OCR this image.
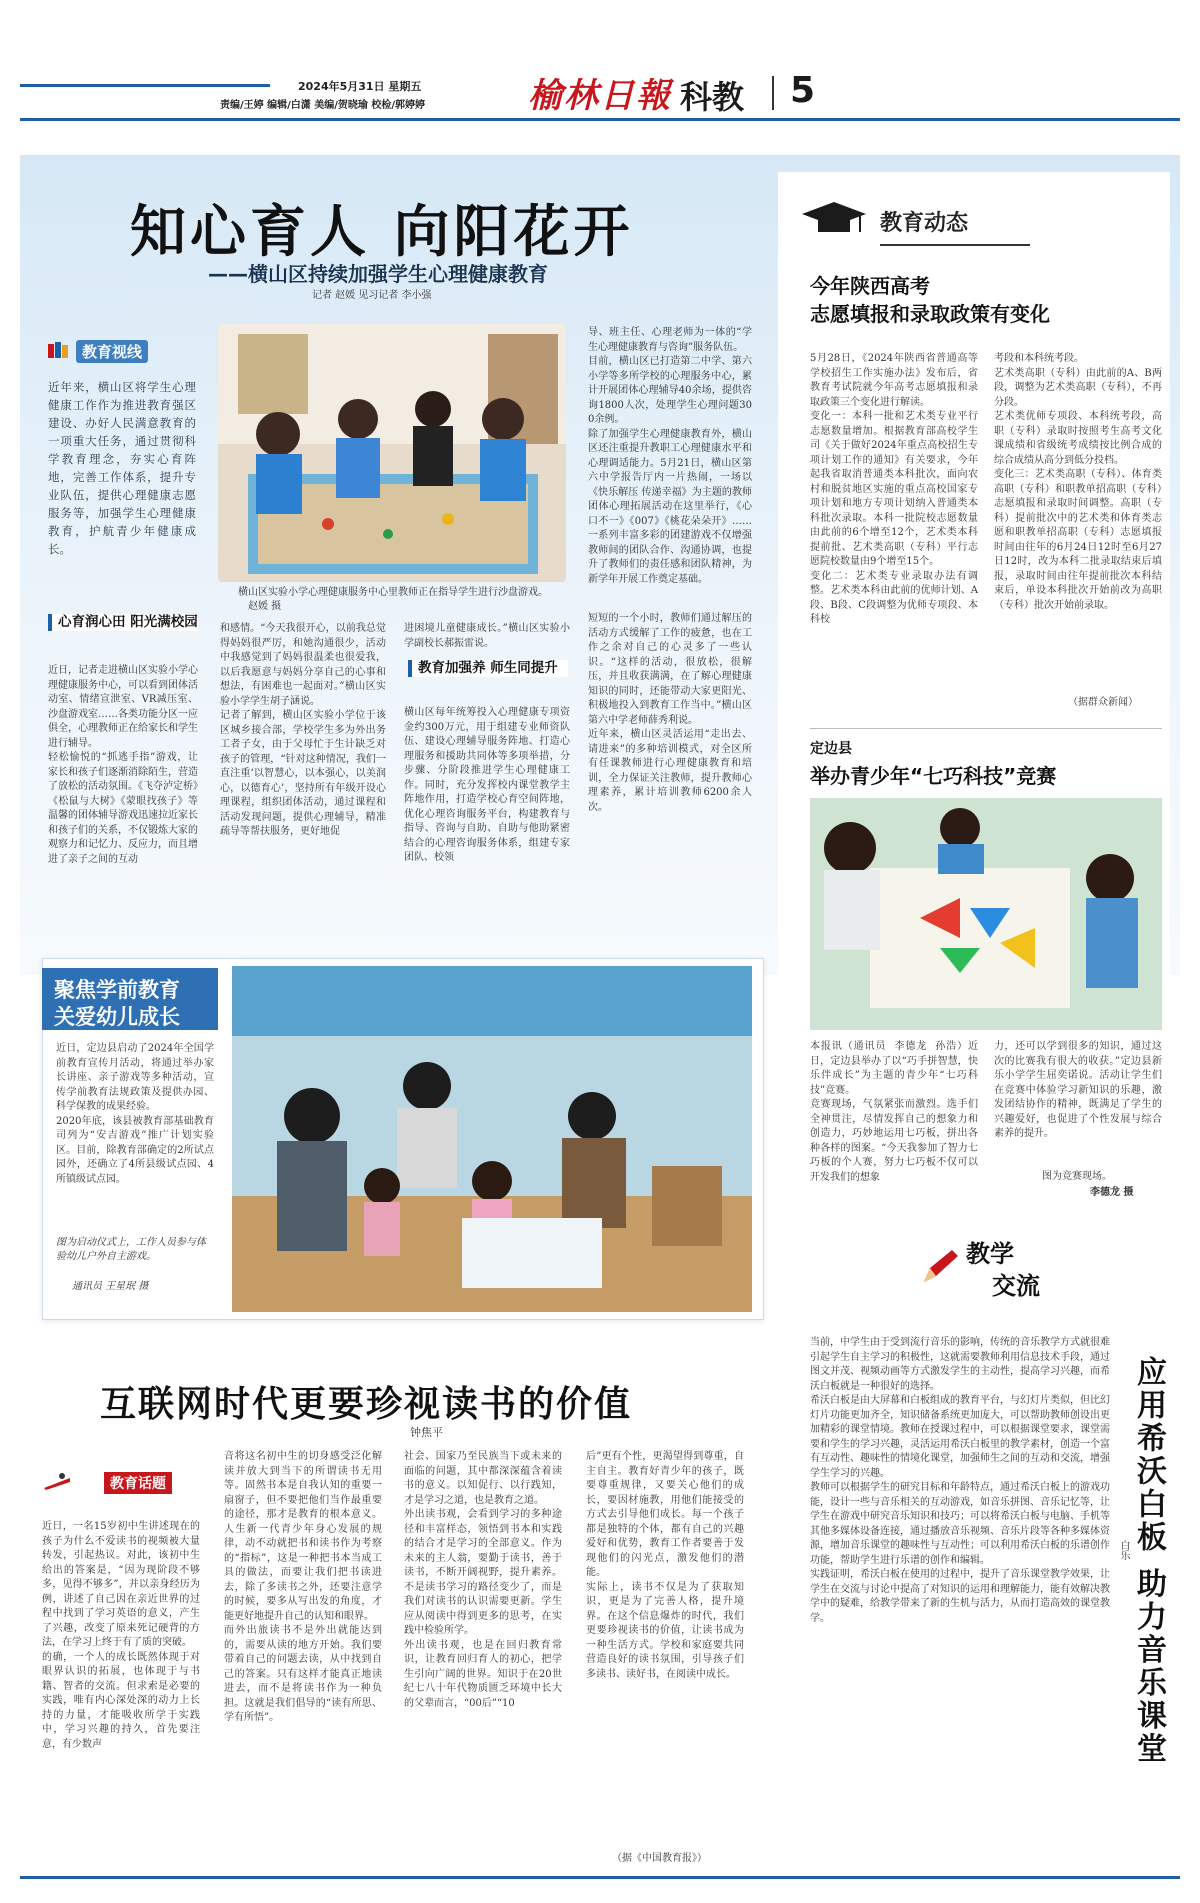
2024年5月31日 星期五
责编/王婷 编辑/白潇 美编/贺晓瑜 校检/郭婷婷	榆林日報 科教 5
知心育人 向阳花开
——横山区持续加强学生心理健康教育
记者 赵媛 见习记者 李小强
教育视线
近年来，横山区将学生心理健康工作作为推进教育强区建设、办好人民满意教育的一项重大任务，通过贯彻科学教育理念，夯实心育阵地，完善工作体系，提升专业队伍，提供心理健康志愿服务等，加强学生心理健康教育，护航青少年健康成长。
横山区实验小学心理健康服务中心里教师正在指导学生进行沙盘游戏。 赵媛 摄
心育润心田 阳光满校园
近日，记者走进横山区实验小学心理健康服务中心，可以看到团体活动室、情绪宣泄室、VR减压室、沙盘游戏室……各类功能分区一应俱全，心理教师正在给家长和学生进行辅导。
轻松愉悦的“抓逃手指”游戏，让家长和孩子们逐渐消除陌生，营造了放松的活动氛围。《飞夺泸定桥》《松鼠与大树》《蒙眼找孩子》等温馨的团体辅导游戏迅速拉近家长和孩子们的关系，不仅锻炼大家的观察力和记忆力、反应力，而且增进了亲子之间的互动
和感情。“今天我很开心，以前我总觉得妈妈很严厉，和她沟通很少，活动中我感觉到了妈妈很温柔也很爱我，以后我愿意与妈妈分享自己的心事和想法，有困难也一起面对。”横山区实验小学学生胡子涵说。
记者了解到，横山区实验小学位于该区城乡接合部，学校学生多为外出务工者子女，由于父母忙于生计缺乏对孩子的管理，“针对这种情况，我们一直注重‘以智慧心，以本强心，以美润心，以德育心’，坚持所有年级开设心理课程，组织团体活动，通过课程和活动发现问题，提供心理辅导，精准疏导等帮扶服务，更好地促
进困境儿童健康成长。”横山区实验小学副校长郝振雷说。
教育加强养 师生同提升
横山区每年统筹投入心理健康专项资金约300万元，用于组建专业师资队伍、建设心理辅导服务阵地、打造心理服务和援助共同体等多项举措，分步骤、分阶段推进学生心理健康工作。同时，充分发挥校内课堂教学主阵地作用，打造学校心育空间阵地，优化心理咨询服务平台，构建教育与指导、咨询与自助、自助与他助紧密结合的心理咨询服务体系，组建专家团队、校领
导、班主任、心理老师为一体的“学生心理健康教育与咨询”服务队伍。
目前，横山区已打造第二中学、第六小学等多所学校的心理服务中心，累计开展团体心理辅导40余场，提供咨询1800人次，处理学生心理问题300余例。
除了加强学生心理健康教育外，横山区还注重提升教职工心理健康水平和心理调适能力。5月21日，横山区第六中学报告厅内一片热闹，一场以《快乐解压 传递幸福》为主题的教师团体心理拓展活动在这里举行，《心口不一》《007》《桃花朵朵开》……一系列丰富多彩的团建游戏不仅增强教师间的团队合作、沟通协调，也提升了教师们的责任感和团队精神，为新学年开展工作奠定基础。
短短的一个小时，教师们通过解压的活动方式缓解了工作的疲惫，也在工作之余对自己的心灵多了一些认识。“这样的活动，很放松，很解压，并且收获满满，在了解心理健康知识的同时，还能带动大家更阳光、积极地投入到教育工作当中。”横山区第六中学老师薛秀利说。
近年来，横山区灵活运用“走出去、请进来”的多种培训模式，对全区所有任课教师进行心理健康教育和培训，全力保证关注教师，提升教师心理素养，累计培训教师6200余人次。
聚焦学前教育
关爱幼儿成长
近日，定边县启动了2024年全国学前教育宣传月活动，将通过举办家长讲座、亲子游戏等多种活动，宣传学前教育法规政策及提供办园、科学保教的成果经验。
2020年底，该县被教育部基础教育司列为“安吉游戏”推广计划实验区。目前，除教育部确定的2所试点园外，还确立了4所县级试点园、4所镇级试点园。
图为启动仪式上，工作人员参与体验幼儿户外自主游戏。
通讯员 王星珉 摄
互联网时代更要珍视读书的价值
钟焦平
教育话题
近日，一名15岁初中生讲述现在的孩子为什么不爱读书的视频被大量转发，引起热议。对此，该初中生给出的答案是，“因为现阶段不够多，见得不够多”，并以亲身经历为例，讲述了自己因在亲近世界的过程中找到了学习英语的意义，产生了兴趣，改变了原来死记硬背的方法，在学习上终于有了质的突破。
的确，一个人的成长既然体现于对眼界认识的拓展，也体现于与书籍、智者的交流。但求索是必要的实践，唯有内心深处深的动力上长持的力量，才能吸收所学于实践中，学习兴趣的持久，首先要注意，有少数声
音将这名初中生的切身感受泛化解读并放大到当下的所谓读书无用等。固然书本是自我认知的重要一扇窗子，但不要把他们当作最重要的途径，那才是教育的根本意义。人生新一代青少年身心发展的规律，动不动就把书和读书作为考察的“指标”，这是一种把书本当成工具的做法，而要让我们把书读进去，除了多读书之外，还要注意学的时候，要多从写出发的角度，才能更好地提升自己的认知和眼界。
而外出旅读书不是外出就能达到的，需要从读的地方开始。我们要带着自己的问题去读，从中找到自己的答案。只有这样才能真正地读进去，而不是将读书作为一种负担。这就是我们倡导的“读有所思、学有所悟”。
社会、国家乃至民族当下或未来的面临的问题，其中都深深蕴含着读书的意义。以知促行、以行践知，才是学习之道，也是教育之道。
外出读书观，会看到学习的多种途径和丰富样态，领悟到书本和实践的结合才是学习的全部意义。作为未来的主人翁，要勤于读书，善于读书，不断开阔视野，提升素养。不是读书学习的路径变少了，而是我们对读书的认识需要更新。学生应从阅读中得到更多的思考，在实践中检验所学。
外出读书观，也是在回归教育常识，让教育回归育人的初心，把学生引向广阔的世界。知识于在20世纪七八十年代物质匮乏环境中长大的父辈而言，“00后”“10
后”更有个性，更渴望得到尊重，自主自主。教育好青少年的孩子，既要尊重规律，又要关心他们的成长，要因材施教，用他们能接受的方式去引导他们成长。每一个孩子都是独特的个体，都有自己的兴趣爱好和优势，教育工作者要善于发现他们的闪光点，激发他们的潜能。
实际上，读书不仅是为了获取知识，更是为了完善人格，提升境界。在这个信息爆炸的时代，我们更要珍视读书的价值，让读书成为一种生活方式。学校和家庭要共同营造良好的读书氛围，引导孩子们多读书、读好书，在阅读中成长。
（据《中国教育报》）
教育动态
今年陕西高考
志愿填报和录取政策有变化
5月28日，《2024年陕西省普通高等学校招生工作实施办法》发布后，省教育考试院就今年高考志愿填报和录取政策三个变化进行解读。
变化一：本科一批和艺术类专业平行志愿数量增加。根据教育部高校学生司《关于做好2024年重点高校招生专项计划工作的通知》有关要求，今年起我省取消普通类本科批次，面向农村和脱贫地区实施的重点高校国家专项计划和地方专项计划纳入普通类本科批次录取。本科一批院校志愿数量由此前的6个增至12个，艺术类本科提前批、艺术类高职（专科）平行志愿院校数量由9个增至15个。
变化二：艺术类专业录取办法有调整。艺术类本科由此前的优师计划、A段、B段、C段调整为优师专项段、本科校
考段和本科统考段。
艺术类高职（专科）由此前的A、B两段，调整为艺术类高职（专科），不再分段。
艺术类优师专项段、本科统考段，高职（专科）录取时按照考生高考文化课成绩和省级统考成绩按比例合成的综合成绩从高分到低分投档。
变化三：艺术类高职（专科）、体育类高职（专科）和职教单招高职（专科）志愿填报和录取时间调整。高职（专科）提前批次中的艺术类和体育类志愿和职教单招高职（专科）志愿填报时间由往年的6月24日12时至6月27日12时，改为本科二批录取结束后填报，录取时间由往年提前批次本科结束后，单设本科批次开始前改为高职（专科）批次开始前录取。
（据群众新闻）
定边县
举办青少年“七巧科技”竞赛
本报讯（通讯员  李德龙  孙浩）近日，定边县举办了以“巧手拼智慧，快乐伴成长”为主题的青少年“七巧科技”竞赛。
竞赛现场，气氛紧张而激烈。选手们全神贯注，尽情发挥自己的想象力和创造力，巧妙地运用七巧板，拼出各种各样的图案。“今天我参加了智力七巧板的个人赛，努力七巧板不仅可以开发我们的想象
力，还可以学到很多的知识，通过这次的比赛我有很大的收获。”定边县新乐小学学生屈奕诺说。活动让学生们在竞赛中体验学习新知识的乐趣，激发团结协作的精神，既满足了学生的兴趣爱好，也促进了个性发展与综合素养的提升。
图为竞赛现场。
李德龙 摄
教学
交流
当前，中学生由于受到流行音乐的影响，传统的音乐教学方式就很难引起学生自主学习的积极性，这就需要教师利用信息技术手段，通过图文并茂、视频动画等方式激发学生的主动性，提高学习兴趣，而希沃白板就是一种很好的选择。
希沃白板是由大屏幕和白板组成的教育平台，与幻灯片类似，但比幻灯片功能更加齐全，知识储备系统更加庞大，可以帮助教师创设出更加精彩的课堂情境。教师在授课过程中，可以根据课堂要求，课堂需要和学生的学习兴趣，灵活运用希沃白板里的教学素材，创造一个富有互动性、趣味性的情境化课堂，加强师生之间的互动和交流，增强学生学习的兴趣。
教师可以根据学生的研究目标和年龄特点，通过希沃白板上的游戏功能，设计一些与音乐相关的互动游戏，如音乐拼图、音乐记忆等，让学生在游戏中研究音乐知识和技巧；可以将希沃白板与电脑、手机等其他多媒体设备连接，通过播放音乐视频、音乐片段等各种多媒体资源，增加音乐课堂的趣味性与互动性；可以利用希沃白板的乐谱创作功能，帮助学生进行乐谱的创作和编辑。
实践证明，希沃白板在使用的过程中，提升了音乐课堂教学效果，让学生在交流与讨论中提高了对知识的运用和理解能力，能有效解决教学中的疑难，给教学带来了新的生机与活力，从而打造高效的课堂教学。	应用希沃白板 助力音乐课堂
白乐
